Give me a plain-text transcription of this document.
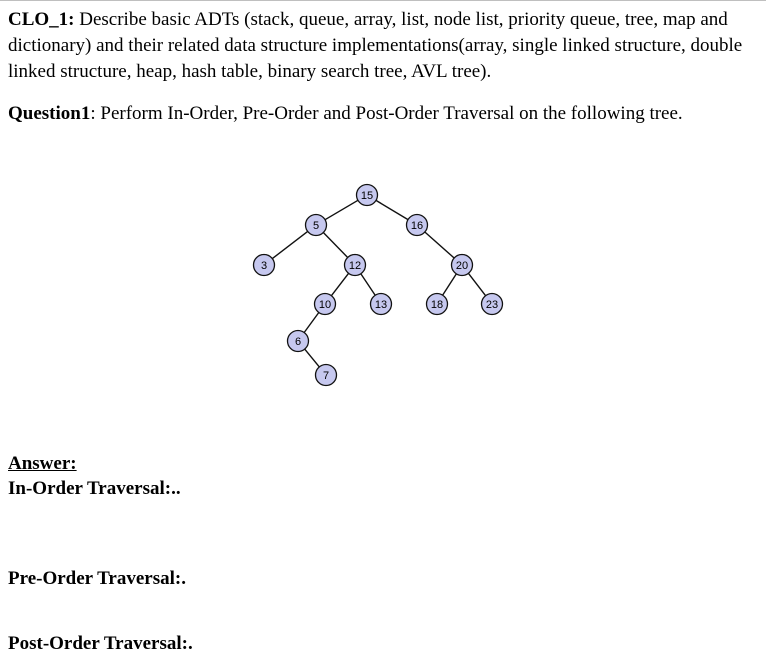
CLO_1: Describe basic ADTs (stack, queue, array, list, node list, priority queue, tree, map and dictionary) and their related data structure implementations(array, single linked structure, double linked structure, heap, hash table, binary search tree, AVL tree).
Question1: Perform In-Order, Pre-Order and Post-Order Traversal on the following tree.
15
5	16
3	12	20
10	13	18	23
6
7
Answer:
In-Order Traversal:..
Pre-Order Traversal:.
Post-Order Traversal:.
